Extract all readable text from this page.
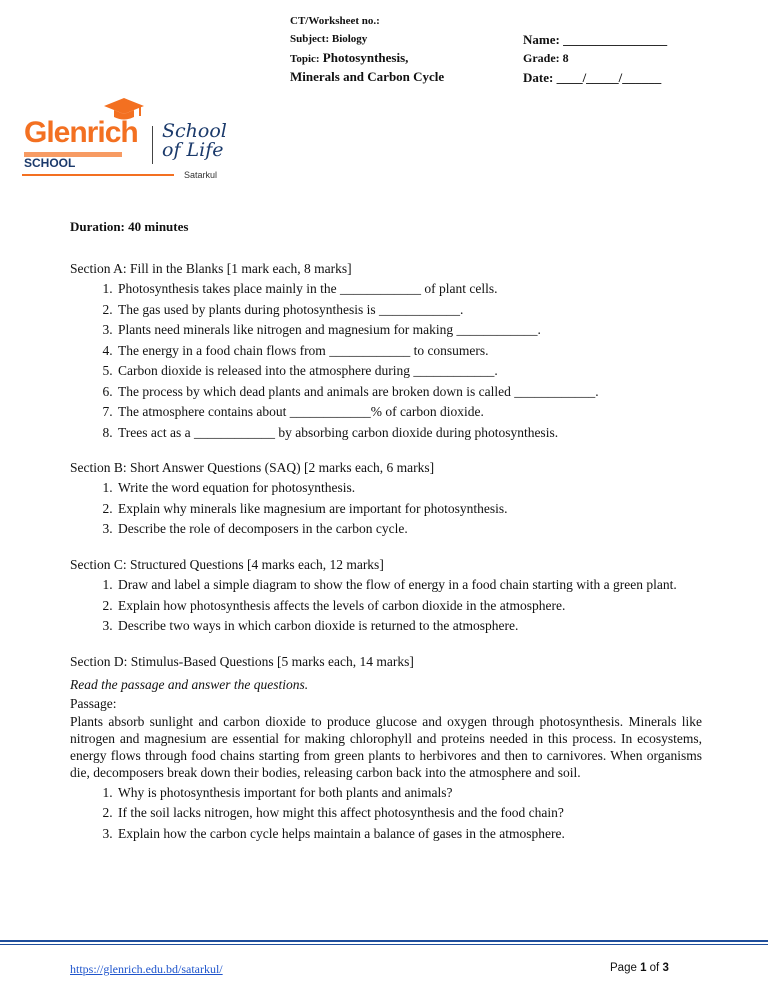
CT/Worksheet no.:
Subject: Biology
Topic: Photosynthesis,
Minerals and Carbon Cycle
Name: ________________
Grade: 8
Date: ____/_____/______
Glenrich
SCHOOL
School
of Life
Satarkul
Duration: 40 minutes
Section A: Fill in the Blanks [1 mark each, 8 marks]
1. Photosynthesis takes place mainly in the ____________ of plant cells.
2. The gas used by plants during photosynthesis is ____________.
3. Plants need minerals like nitrogen and magnesium for making ____________.
4. The energy in a food chain flows from ____________ to consumers.
5. Carbon dioxide is released into the atmosphere during ____________.
6. The process by which dead plants and animals are broken down is called ____________.
7. The atmosphere contains about ____________% of carbon dioxide.
8. Trees act as a ____________ by absorbing carbon dioxide during photosynthesis.
Section B: Short Answer Questions (SAQ) [2 marks each, 6 marks]
1. Write the word equation for photosynthesis.
2. Explain why minerals like magnesium are important for photosynthesis.
3. Describe the role of decomposers in the carbon cycle.
Section C: Structured Questions [4 marks each, 12 marks]
1. Draw and label a simple diagram to show the flow of energy in a food chain starting with a green plant.
2. Explain how photosynthesis affects the levels of carbon dioxide in the atmosphere.
3. Describe two ways in which carbon dioxide is returned to the atmosphere.
Section D: Stimulus-Based Questions [5 marks each, 14 marks]
Read the passage and answer the questions.
Passage:
Plants absorb sunlight and carbon dioxide to produce glucose and oxygen through photosynthesis. Minerals like nitrogen and magnesium are essential for making chlorophyll and proteins needed in this process. In ecosystems, energy flows through food chains starting from green plants to herbivores and then to carnivores. When organisms die, decomposers break down their bodies, releasing carbon back into the atmosphere and soil.
1. Why is photosynthesis important for both plants and animals?
2. If the soil lacks nitrogen, how might this affect photosynthesis and the food chain?
3. Explain how the carbon cycle helps maintain a balance of gases in the atmosphere.
https://glenrich.edu.bd/satarkul/	Page 1 of 3
